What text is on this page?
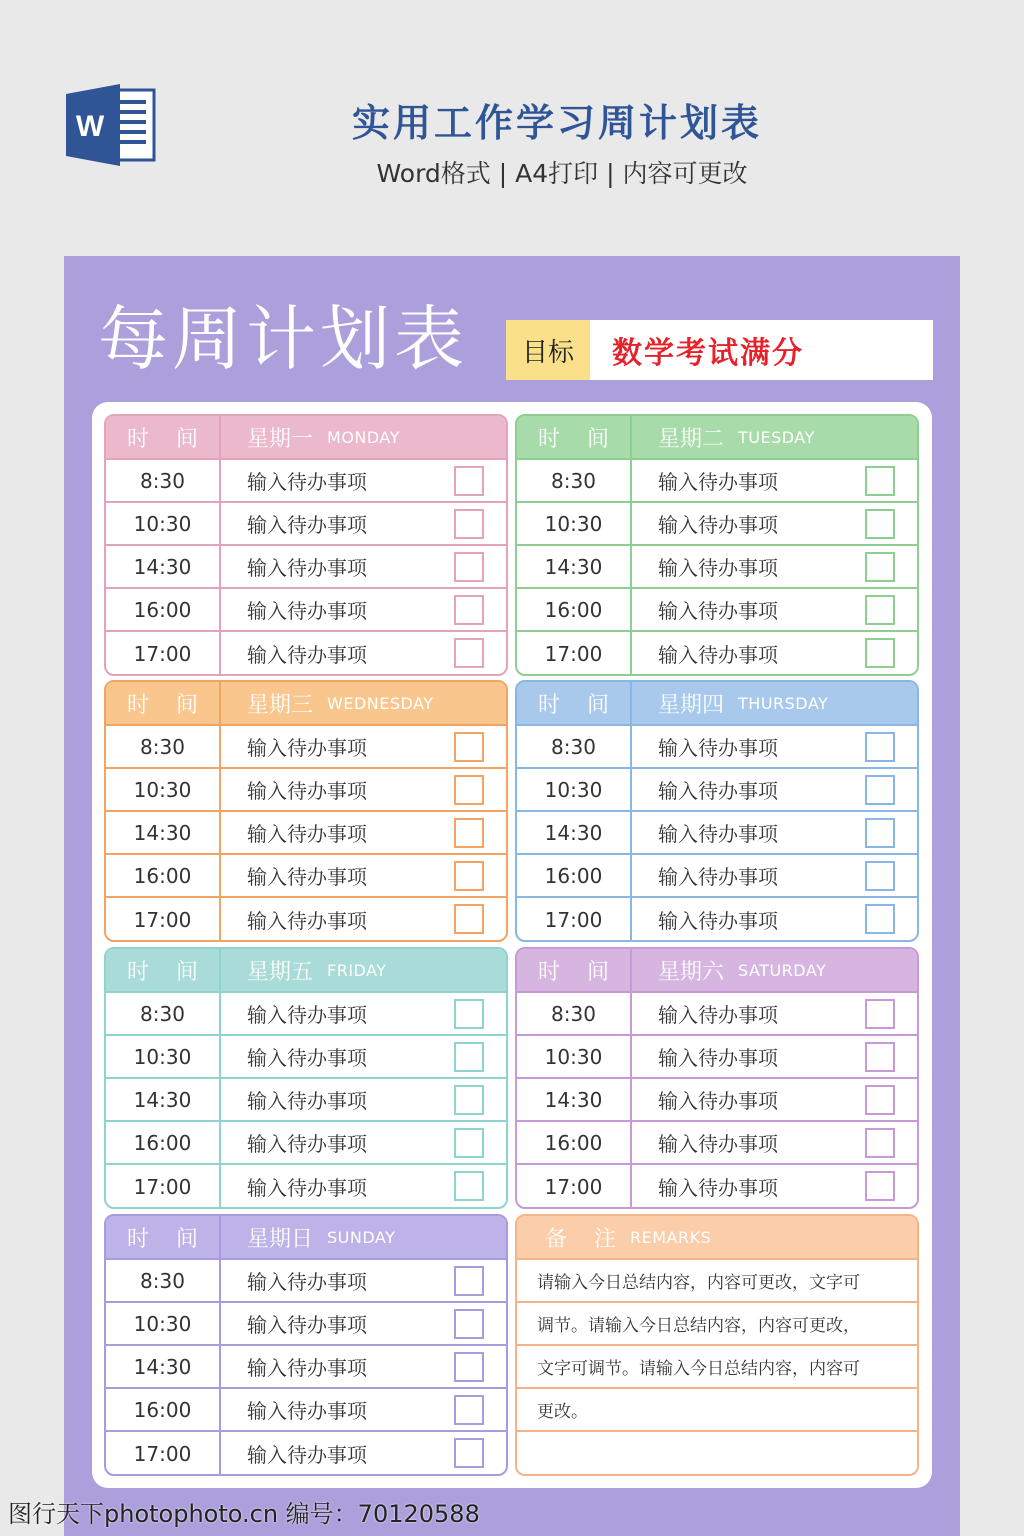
W	实用工作学习周计划表
Word格式 | A4打印 | 内容可更改
每周计划表	目标	数学考试满分
时 间	星期一 MONDAY
8:30	输入待办事项
10:30	输入待办事项
14:30	输入待办事项
16:00	输入待办事项
17:00	输入待办事项
时 间	星期二 TUESDAY
8:30	输入待办事项
10:30	输入待办事项
14:30	输入待办事项
16:00	输入待办事项
17:00	输入待办事项
时 间	星期三 WEDNESDAY
8:30	输入待办事项
10:30	输入待办事项
14:30	输入待办事项
16:00	输入待办事项
17:00	输入待办事项
时 间	星期四 THURSDAY
8:30	输入待办事项
10:30	输入待办事项
14:30	输入待办事项
16:00	输入待办事项
17:00	输入待办事项
时 间	星期五 FRIDAY
8:30	输入待办事项
10:30	输入待办事项
14:30	输入待办事项
16:00	输入待办事项
17:00	输入待办事项
时 间	星期六 SATURDAY
8:30	输入待办事项
10:30	输入待办事项
14:30	输入待办事项
16:00	输入待办事项
17:00	输入待办事项
时 间	星期日 SUNDAY
8:30	输入待办事项
10:30	输入待办事项
14:30	输入待办事项
16:00	输入待办事项
17:00	输入待办事项
备 注 REMARKS
请输入今日总结内容，内容可更改，文字可
调节。请输入今日总结内容，内容可更改，
文字可调节。请输入今日总结内容，内容可
更改。
图行天下photophoto.cn 编号：70120588
